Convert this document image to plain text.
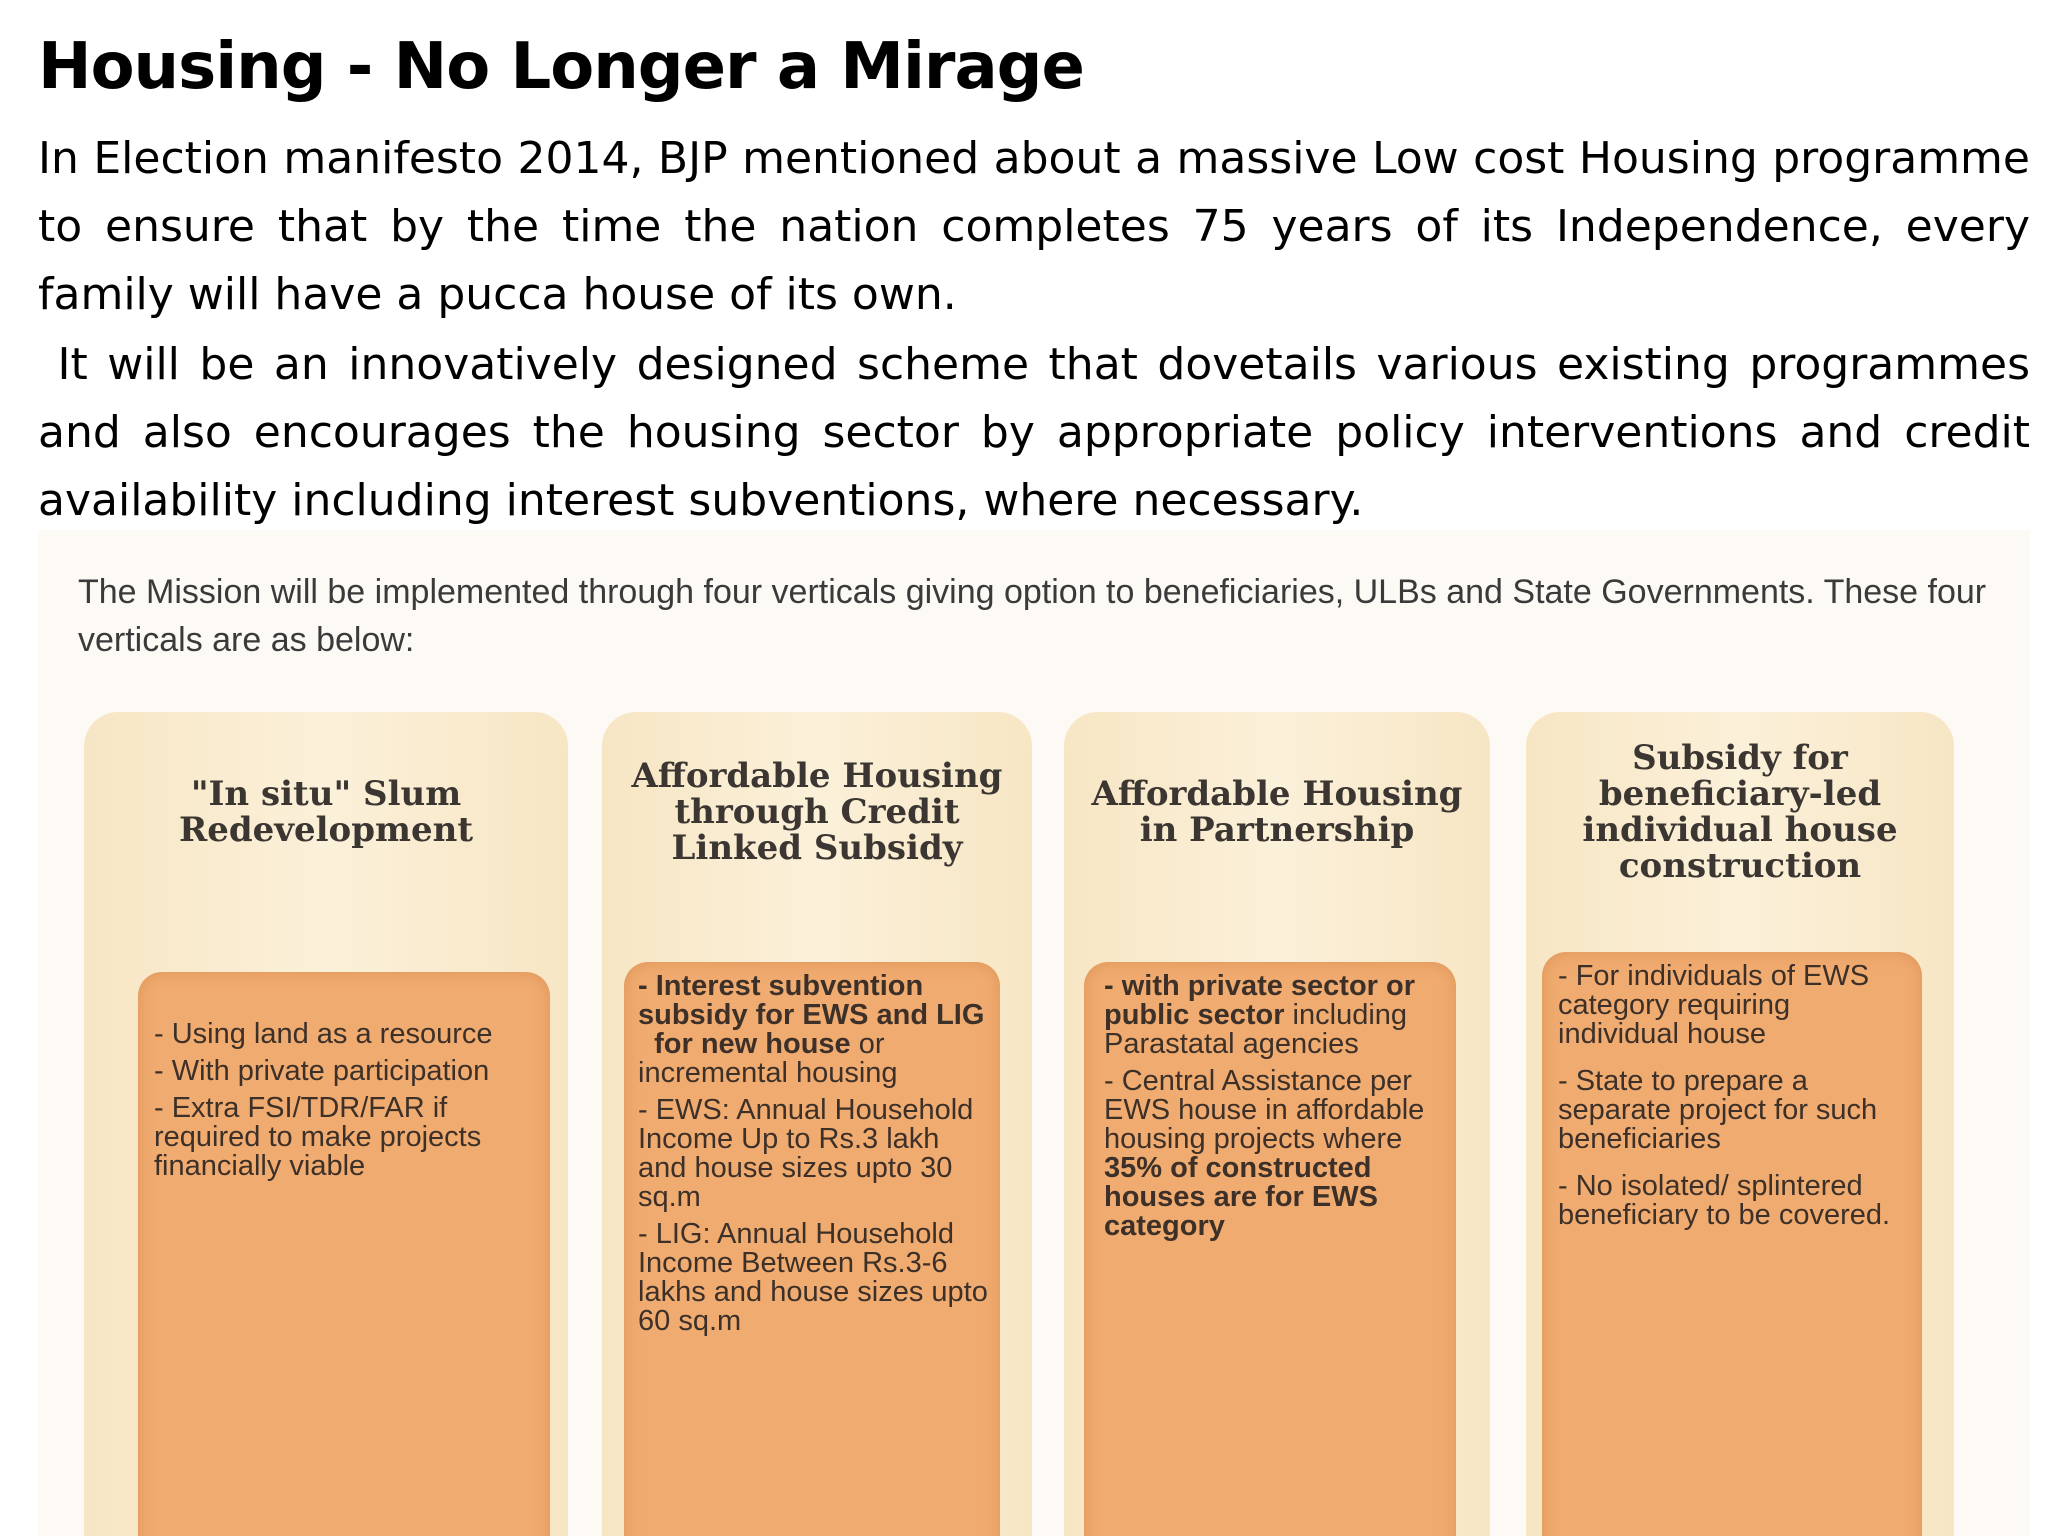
Housing - No Longer a Mirage

In Election manifesto 2014, BJP mentioned about a massive Low cost Housing programme to ensure that by the time the nation completes 75 years of its Independence, every family will have a pucca house of its own.

It will be an innovatively designed scheme that dovetails various existing programmes and also encourages the housing sector by appropriate policy interventions and credit availability including interest subventions, where necessary.

The Mission will be implemented through four verticals giving option to beneficiaries, ULBs and State Governments. These four verticals are as below:

"In situ" Slum Redevelopment

- Using land as a resource

- With private participation

- Extra FSI/TDR/FAR if required to make projects financially viable

Affordable Housing through Credit Linked Subsidy

- Interest subvention subsidy for EWS and LIG   for new house or incremental housing

- EWS: Annual Household Income Up to Rs.3 lakh and house sizes upto 30 sq.m

- LIG: Annual Household Income Between Rs.3-6 lakhs and house sizes upto 60 sq.m

Affordable Housing in Partnership

- with private sector or public sector including Parastatal agencies

- Central Assistance per EWS house in affordable housing projects where

35% of constructed houses are for EWS category

Subsidy for beneficiary-led individual house construction

- For individuals of EWS category requiring individual house

- State to prepare a separate project for such beneficiaries

- No isolated/ splintered beneficiary to be covered.
